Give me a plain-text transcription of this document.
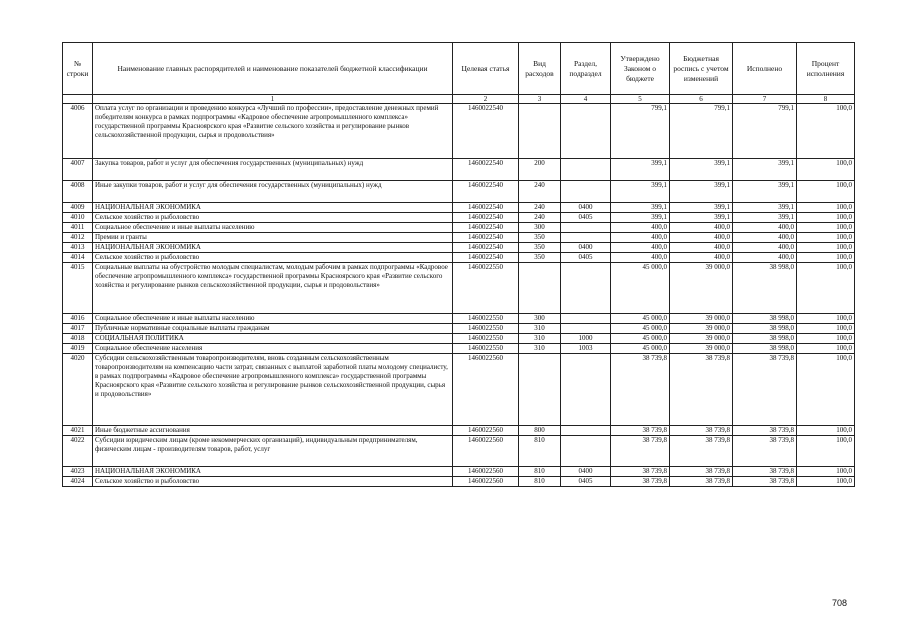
№ строки	Наименование главных распорядителей и наименование показателей бюджетной классификации	Целевая статья	Вид расходов	Раздел, подраздел	Утверждено Законом о бюджете	Бюджетная роспись с учетом изменений	Исполнено	Процент исполнения
	1	2	3	4	5	6	7	8
4006	Оплата услуг по организации и проведению конкурса «Лучший по профессии», предоставление денежных премий победителям конкурса в рамках подпрограммы «Кадровое обеспечение агропромышленного комплекса» государственной программы Красноярского края «Развитие сельского хозяйства и регулирование рынков сельскохозяйственной продукции, сырья и продовольствия»	1460022540			799,1	799,1	799,1	100,0
4007	Закупка товаров, работ и услуг для обеспечения государственных (муниципальных) нужд	1460022540	200		399,1	399,1	399,1	100,0
4008	Иные закупки товаров, работ и услуг для обеспечения государственных (муниципальных) нужд	1460022540	240		399,1	399,1	399,1	100,0
4009	НАЦИОНАЛЬНАЯ ЭКОНОМИКА	1460022540	240	0400	399,1	399,1	399,1	100,0
4010	Сельское хозяйство и рыболовство	1460022540	240	0405	399,1	399,1	399,1	100,0
4011	Социальное обеспечение и иные выплаты населению	1460022540	300		400,0	400,0	400,0	100,0
4012	Премии и гранты	1460022540	350		400,0	400,0	400,0	100,0
4013	НАЦИОНАЛЬНАЯ ЭКОНОМИКА	1460022540	350	0400	400,0	400,0	400,0	100,0
4014	Сельское хозяйство и рыболовство	1460022540	350	0405	400,0	400,0	400,0	100,0
4015	Социальные выплаты на обустройство молодым специалистам, молодым рабочим в рамках подпрограммы «Кадровое обеспечение агропромышленного комплекса» государственной программы Красноярского края «Развитие сельского хозяйства и регулирование рынков сельскохозяйственной продукции, сырья и продовольствия»	1460022550			45 000,0	39 000,0	38 998,0	100,0
4016	Социальное обеспечение и иные выплаты населению	1460022550	300		45 000,0	39 000,0	38 998,0	100,0
4017	Публичные нормативные социальные выплаты гражданам	1460022550	310		45 000,0	39 000,0	38 998,0	100,0
4018	СОЦИАЛЬНАЯ ПОЛИТИКА	1460022550	310	1000	45 000,0	39 000,0	38 998,0	100,0
4019	Социальное обеспечение населения	1460022550	310	1003	45 000,0	39 000,0	38 998,0	100,0
4020	Субсидии сельскохозяйственным товаропроизводителям, вновь созданным сельскохозяйственным товаропроизводителям на компенсацию части затрат, связанных с выплатой заработной платы молодому специалисту, в рамках подпрограммы «Кадровое обеспечение агропромышленного комплекса» государственной программы Красноярского края «Развитие сельского хозяйства и регулирование рынков сельскохозяйственной продукции, сырья и продовольствия»	1460022560			38 739,8	38 739,8	38 739,8	100,0
4021	Иные бюджетные ассигнования	1460022560	800		38 739,8	38 739,8	38 739,8	100,0
4022	Субсидии юридическим лицам (кроме некоммерческих организаций), индивидуальным предпринимателям, физическим лицам - производителям товаров, работ, услуг	1460022560	810		38 739,8	38 739,8	38 739,8	100,0
4023	НАЦИОНАЛЬНАЯ ЭКОНОМИКА	1460022560	810	0400	38 739,8	38 739,8	38 739,8	100,0
4024	Сельское хозяйство и рыболовство	1460022560	810	0405	38 739,8	38 739,8	38 739,8	100,0
708
